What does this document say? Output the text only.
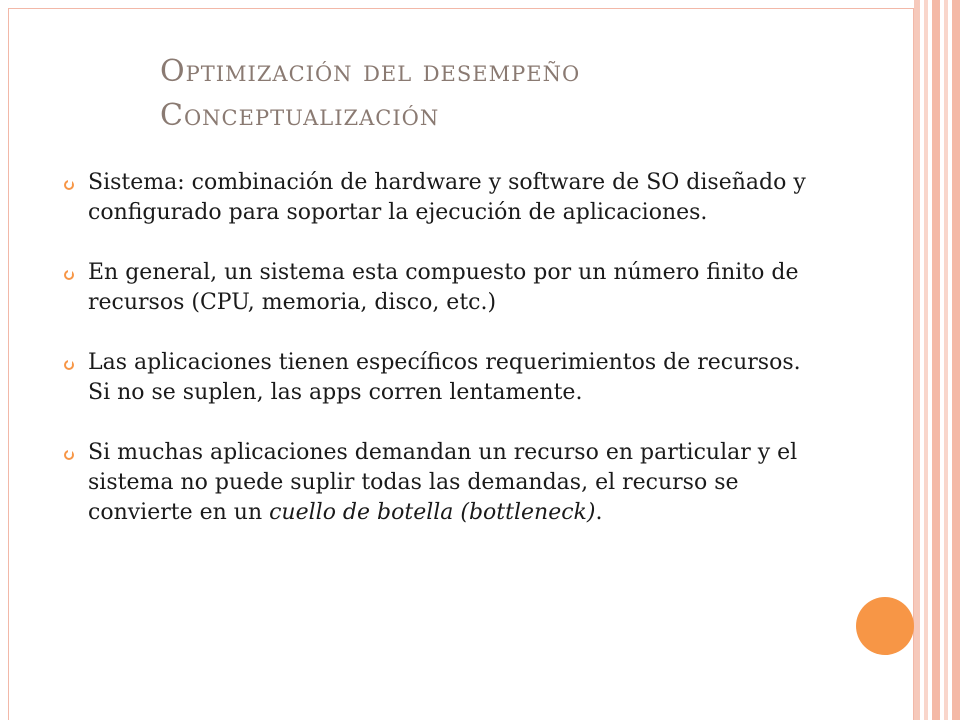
Optimización del desempeño
Conceptualización
Sistema: combinación de hardware y software de SO diseñado y configurado para soportar la ejecución de aplicaciones.
En general, un sistema esta compuesto por un número finito de recursos (CPU, memoria, disco, etc.)
Las aplicaciones tienen específicos requerimientos de recursos. Si no se suplen, las apps corren lentamente.
Si muchas aplicaciones demandan un recurso en particular y el sistema no puede suplir todas las demandas, el recurso se convierte en un cuello de botella (bottleneck).
